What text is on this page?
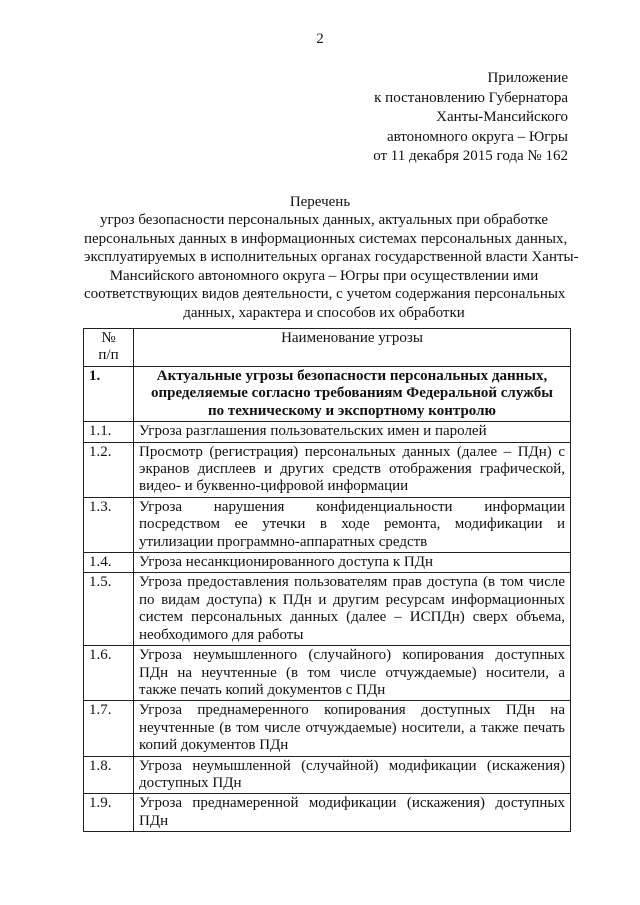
2
Приложение
к постановлению Губернатора
Ханты-Мансийского
автономного округа – Югры
от 11 декабря 2015 года № 162
Перечень
угроз безопасности персональных данных, актуальных при обработке
персональных данных в информационных системах персональных данных,
эксплуатируемых в исполнительных органах государственной власти Ханты-
Мансийского автономного округа – Югры при осуществлении ими
соответствующих видов деятельности, с учетом содержания персональных
данных, характера и способов их обработки
№
п/п	Наименование угрозы
1.	Актуальные угрозы безопасности персональных данных,
определяемые согласно требованиям Федеральной службы
по техническому и экспортному контролю

1.1.	Угроза разглашения пользовательских имен и паролей

1.2.	Просмотр (регистрация) персональных данных (далее – ПДн) с
экранов дисплеев и других средств отображения графической,
видео- и буквенно-цифровой информации

1.3.	Угроза нарушения конфиденциальности информации
посредством ее утечки в ходе ремонта, модификации и
утилизации программно-аппаратных средств

1.4.	Угроза несанкционированного доступа к ПДн

1.5.	Угроза предоставления пользователям прав доступа (в том числе
по видам доступа) к ПДн и другим ресурсам информационных
систем персональных данных (далее – ИСПДн) сверх объема,
необходимого для работы

1.6.	Угроза неумышленного (случайного) копирования доступных
ПДн на неучтенные (в том числе отчуждаемые) носители, а
также печать копий документов с ПДн

1.7.	Угроза преднамеренного копирования доступных ПДн на
неучтенные (в том числе отчуждаемые) носители, а также печать
копий документов ПДн

1.8.	Угроза неумышленной (случайной) модификации (искажения)
доступных ПДн

1.9.	Угроза преднамеренной модификации (искажения) доступных
ПДн
